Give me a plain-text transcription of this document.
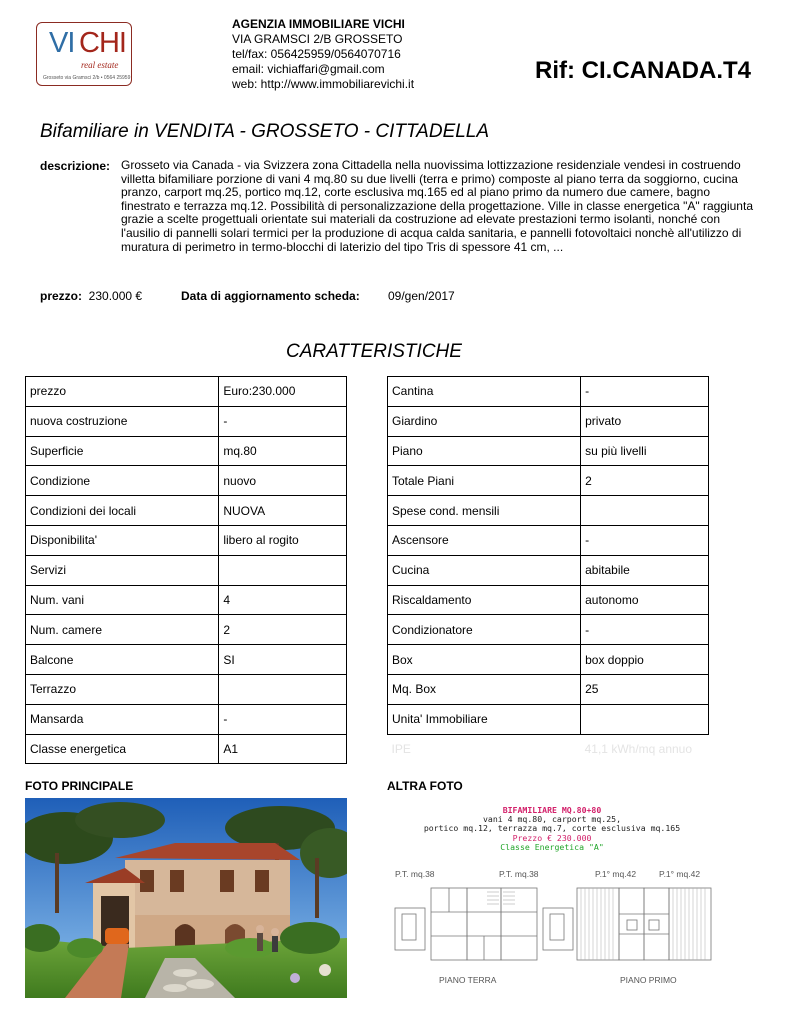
VI CHI
real estate
Grosseto via Gramsci 2/b • 0564 25959
AGENZIA IMMOBILIARE VICHI
VIA GRAMSCI 2/B GROSSETO
tel/fax: 056425959/0564070716
email: vichiaffari@gmail.com
web: http://www.immobiliarevichi.it	Rif: CI.CANADA.T4
Bifamiliare in VENDITA - GROSSETO - CITTADELLA
descrizione: Grosseto via Canada - via Svizzera zona Cittadella nella nuovissima lottizzazione residenziale vendesi in costruendo villetta bifamiliare porzione di vani 4 mq.80 su due livelli (terra e primo) composte al piano terra da soggiorno, cucina pranzo, carport mq.25, portico mq.12, corte esclusiva mq.165 ed al piano primo da numero due camere, bagno finestrato e terrazza mq.12. Possibilità di personalizzazione della progettazione. Ville in classe energetica "A" raggiunta grazie a scelte progettuali orientate sui materiali da costruzione ad elevate prestazioni termo isolanti, nonché con l'ausilio di pannelli solari termici per la produzione di acqua calda sanitaria, e pannelli fotovoltaici nonchè all'utilizzo di muratura di perimetro in termo-blocchi di laterizio del tipo Tris di spessore 41 cm, ...
prezzo: 230.000 €	Data di aggiornamento scheda: 09/gen/2017
CARATTERISTICHE
prezzo	Euro:230.000
nuova costruzione	-
Superficie	mq.80
Condizione	nuovo
Condizioni dei locali	NUOVA
Disponibilita'	libero al rogito
Servizi	
Num. vani	4
Num. camere	2
Balcone	SI
Terrazzo	
Mansarda	-
Classe energetica	A1
Cantina	-
Giardino	privato
Piano	su più livelli
Totale Piani	2
Spese cond. mensili	
Ascensore	-
Cucina	abitabile
Riscaldamento	autonomo
Condizionatore	-
Box	box doppio
Mq. Box	25
Unita' Immobiliare	
IPE	41,1 kWh/mq annuo
FOTO PRINCIPALE	ALTRA FOTO
BIFAMILIARE MQ.80+80
vani 4 mq.80, carport mq.25,
portico mq.12, terrazza mq.7, corte esclusiva mq.165
Prezzo € 230.000
Classe Energetica "A"
P.T. mq.38	P.T. mq.38	P.1° mq.42	P.1° mq.42
PIANO TERRA	PIANO PRIMO
